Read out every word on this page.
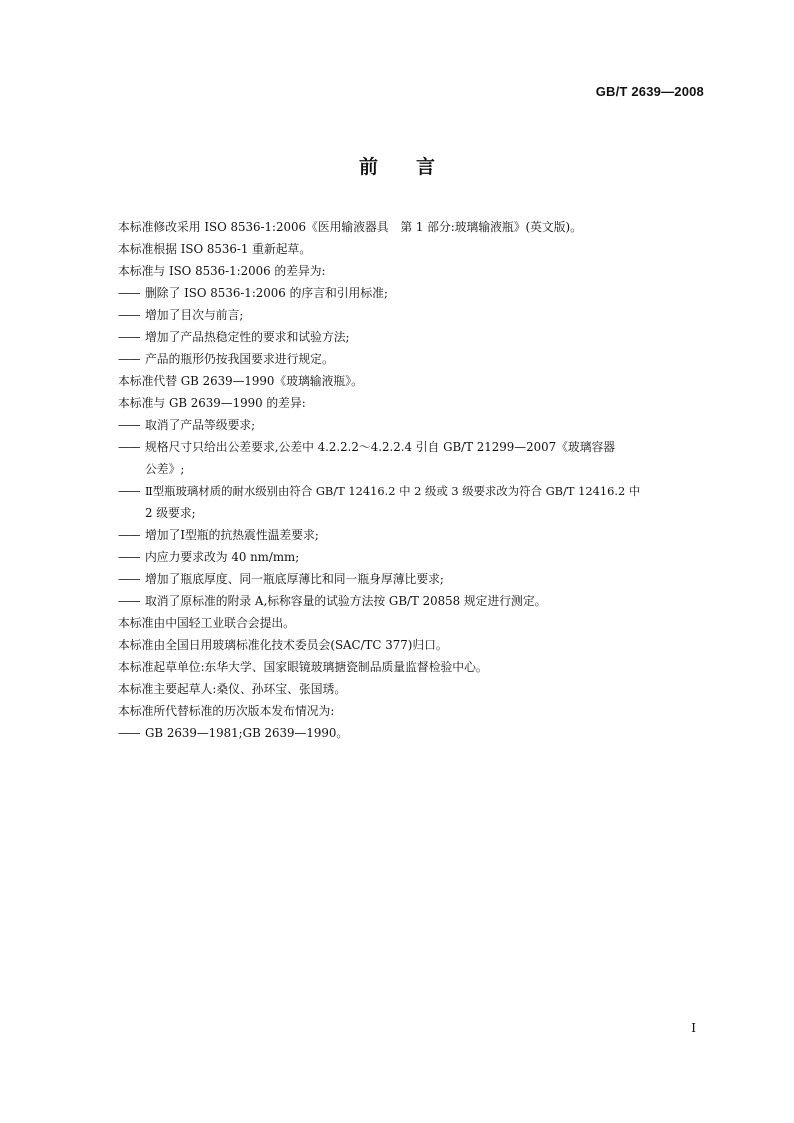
GB/T 2639—2008
前言
本标准修改采用 ISO 8536-1:2006《医用输液器具　第 1 部分:玻璃输液瓶》(英文版)。
本标准根据 ISO 8536-1 重新起草。
本标准与 ISO 8536-1:2006 的差异为:
—— 删除了 ISO 8536-1:2006 的序言和引用标准;
—— 增加了目次与前言;
—— 增加了产品热稳定性的要求和试验方法;
—— 产品的瓶形仍按我国要求进行规定。
本标准代替 GB 2639—1990《玻璃输液瓶》。
本标准与 GB 2639—1990 的差异:
—— 取消了产品等级要求;
—— 规格尺寸只给出公差要求,公差中 4.2.2.2～4.2.2.4 引自 GB/T 21299—2007《玻璃容器
公差》;
—— Ⅱ型瓶玻璃材质的耐水级别由符合 GB/T 12416.2 中 2 级或 3 级要求改为符合 GB/T 12416.2 中
2 级要求;
—— 增加了Ⅰ型瓶的抗热震性温差要求;
—— 内应力要求改为 40 nm/mm;
—— 增加了瓶底厚度、同一瓶底厚薄比和同一瓶身厚薄比要求;
—— 取消了原标准的附录 A,标称容量的试验方法按 GB/T 20858 规定进行测定。
本标准由中国轻工业联合会提出。
本标准由全国日用玻璃标准化技术委员会(SAC/TC 377)归口。
本标准起草单位:东华大学、国家眼镜玻璃搪瓷制品质量监督检验中心。
本标准主要起草人:桑仪、孙环宝、张国琇。
本标准所代替标准的历次版本发布情况为:
—— GB 2639—1981;GB 2639—1990。
I
